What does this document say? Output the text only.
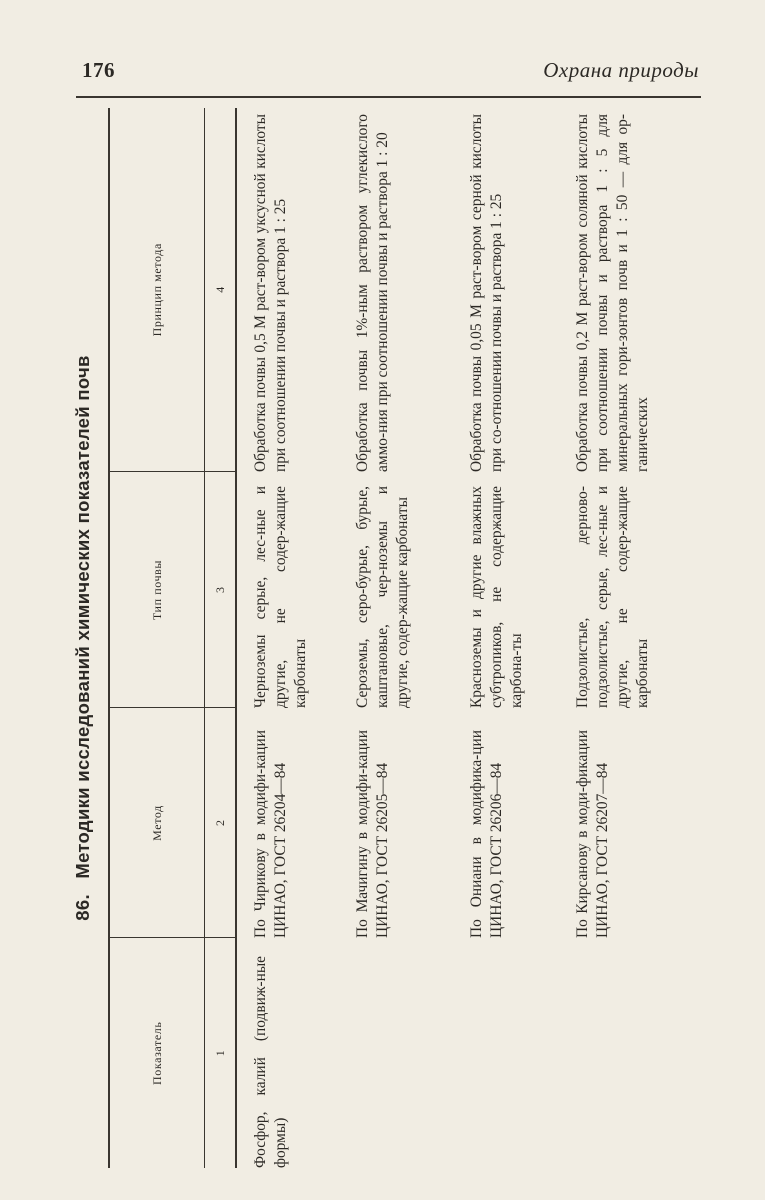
176	Охрана природы
86. Методики исследований химических показателей почв
Показатель	Метод	Тип почвы	Принцип метода
1	2	3	4
Фосфор, калий (подвиж-ные формы)	По Чирикову в модифи-кации ЦИНАО, ГОСТ 26204—84	Черноземы серые, лес-ные и другие, не содер-жащие карбонаты	Обработка почвы 0,5 М раст-вором уксусной кислоты при соотношении почвы и раствора 1 : 25
	По Мачигину в модифи-кации ЦИНАО, ГОСТ 26205—84	Сероземы, серо-бурые, бурые, каштановые, чер-ноземы и другие, содер-жащие карбонаты	Обработка почвы 1%-ным раствором углекислого аммо-ния при соотношении почвы и раствора 1 : 20
	По Ониани в модифика-ции ЦИНАО, ГОСТ 26206—84	Красноземы и другие влажных субтропиков, не содержащие карбона-ты	Обработка почвы 0,05 М раст-вором серной кислоты при со-отношении почвы и раствора 1 : 25
	По Кирсанову в моди-фикации ЦИНАО, ГОСТ 26207—84	Подзолистые, дерново-подзолистые, серые, лес-ные и другие, не содер-жащие карбонаты	Обработка почвы 0,2 М раст-вором соляной кислоты при соотношении почвы и раствора 1 : 5 для минеральных гори-зонтов почв и 1 : 50 — для ор-ганических
